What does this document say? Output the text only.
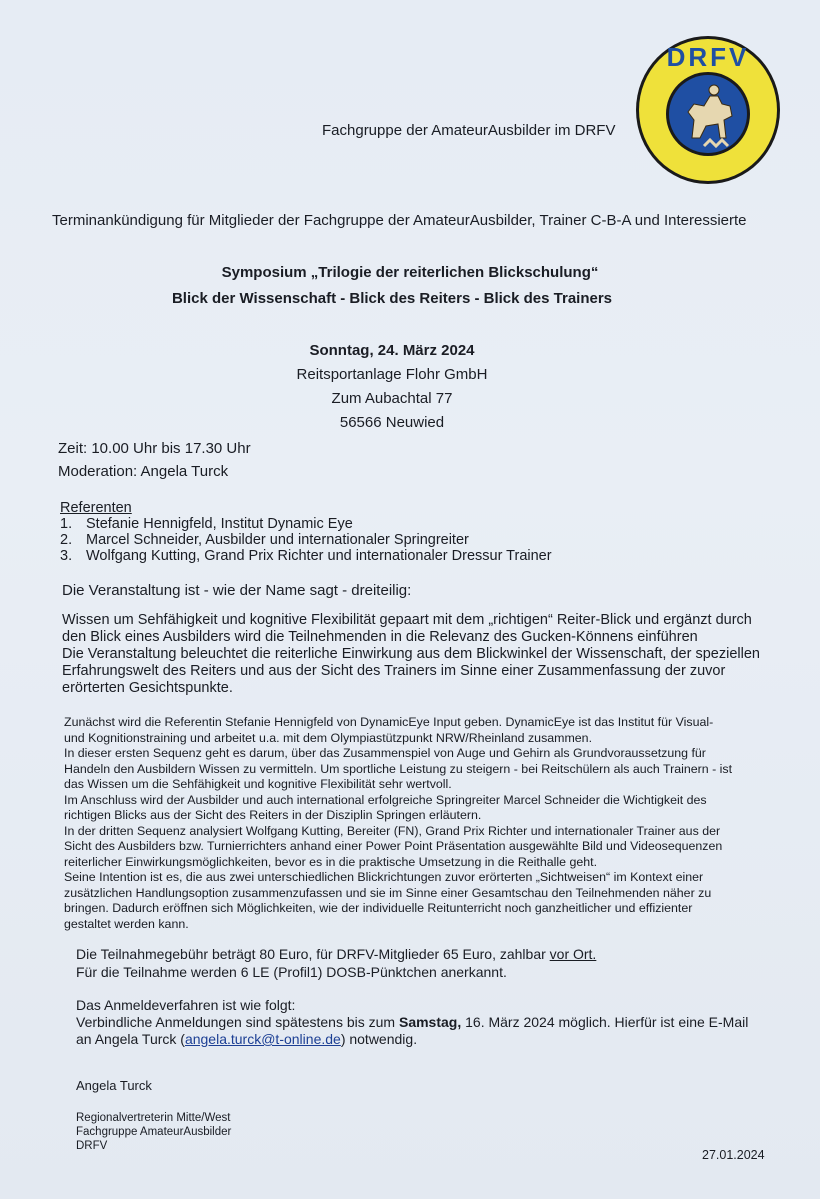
DRFV
Fachgruppe der AmateurAusbilder im DRFV
Terminankündigung für Mitglieder der Fachgruppe der AmateurAusbilder, Trainer C-B-A und Interessierte
Symposium „Trilogie der reiterlichen Blickschulung“
Blick der Wissenschaft - Blick des Reiters - Blick des Trainers
Sonntag, 24. März 2024
Reitsportanlage Flohr GmbH
Zum Aubachtal 77
56566 Neuwied
Zeit: 10.00 Uhr bis 17.30 Uhr
Moderation: Angela Turck
Referenten
1. Stefanie Hennigfeld, Institut Dynamic Eye
2. Marcel Schneider, Ausbilder und internationaler Springreiter
3. Wolfgang Kutting, Grand Prix Richter und internationaler Dressur Trainer
Die Veranstaltung ist - wie der Name sagt - dreiteilig:
Wissen um Sehfähigkeit und kognitive Flexibilität gepaart mit dem „richtigen“ Reiter-Blick und ergänzt durch
den Blick eines Ausbilders wird die Teilnehmenden in die Relevanz des Gucken-Könnens einführen
Die Veranstaltung beleuchtet die reiterliche Einwirkung aus dem Blickwinkel der Wissenschaft, der speziellen
Erfahrungswelt des Reiters und aus der Sicht des Trainers im Sinne einer Zusammenfassung der zuvor
erörterten Gesichtspunkte.
Zunächst wird die Referentin Stefanie Hennigfeld von DynamicEye Input geben. DynamicEye ist das Institut für Visual-
und Kognitionstraining und arbeitet u.a. mit dem Olympiastützpunkt NRW/Rheinland zusammen.
In dieser ersten Sequenz geht es darum, über das Zusammenspiel von Auge und Gehirn als Grundvoraussetzung für
Handeln den Ausbildern Wissen zu vermitteln. Um sportliche Leistung zu steigern - bei Reitschülern als auch Trainern - ist
das Wissen um die Sehfähigkeit und kognitive Flexibilität sehr wertvoll.
Im Anschluss wird der Ausbilder und auch international erfolgreiche Springreiter Marcel Schneider die Wichtigkeit des
richtigen Blicks aus der Sicht des Reiters in der Disziplin Springen erläutern.
In der dritten Sequenz analysiert Wolfgang Kutting, Bereiter (FN), Grand Prix Richter und internationaler Trainer aus der
Sicht des Ausbilders bzw. Turnierrichters anhand einer Power Point Präsentation ausgewählte Bild und Videosequenzen
reiterlicher Einwirkungsmöglichkeiten, bevor es in die praktische Umsetzung in die Reithalle geht.
Seine Intention ist es, die aus zwei unterschiedlichen Blickrichtungen zuvor erörterten „Sichtweisen“ im Kontext einer
zusätzlichen Handlungsoption zusammenzufassen und sie im Sinne einer Gesamtschau den Teilnehmenden näher zu
bringen. Dadurch eröffnen sich Möglichkeiten, wie der individuelle Reitunterricht noch ganzheitlicher und effizienter
gestaltet werden kann.
Die Teilnahmegebühr beträgt 80 Euro, für DRFV-Mitglieder 65 Euro, zahlbar vor Ort.
Für die Teilnahme werden 6 LE (Profil1) DOSB-Pünktchen anerkannt.
Das Anmeldeverfahren ist wie folgt:
Verbindliche Anmeldungen sind spätestens bis zum Samstag, 16. März 2024 möglich. Hierfür ist eine E-Mail
an Angela Turck (angela.turck@t-online.de) notwendig.
Angela Turck
Regionalvertreterin Mitte/West
Fachgruppe AmateurAusbilder
DRFV
27.01.2024
